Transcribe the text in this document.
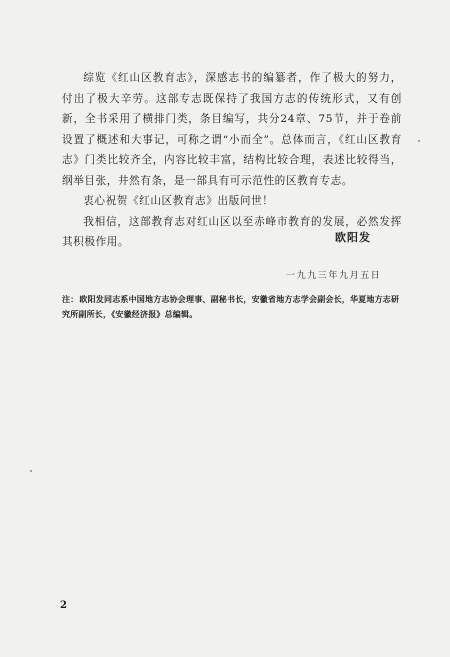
综览《红山区教育志》，深感志书的编纂者，作了极大的努力，付出了极大辛劳。这部专志既保持了我国方志的传统形式，又有创新，全书采用了横排门类，条目编写，共分24章、75节，并于卷前设置了概述和大事记，可称之谓“小而全”。总体而言，《红山区教育志》门类比较齐全，内容比较丰富，结构比较合理，表述比较得当，纲举目张，井然有条，是一部具有可示范性的区教育专志。

衷心祝贺《红山区教育志》出版问世！

我相信，这部教育志对红山区以至赤峰市教育的发展，必然发挥其积极作用。	欧阳发
一九九三年九月五日
注：欧阳发同志系中国地方志协会理事、副秘书长，安徽省地方志学会副会长，华夏地方志研究所副所长，《安徽经济报》总编辑。
2
